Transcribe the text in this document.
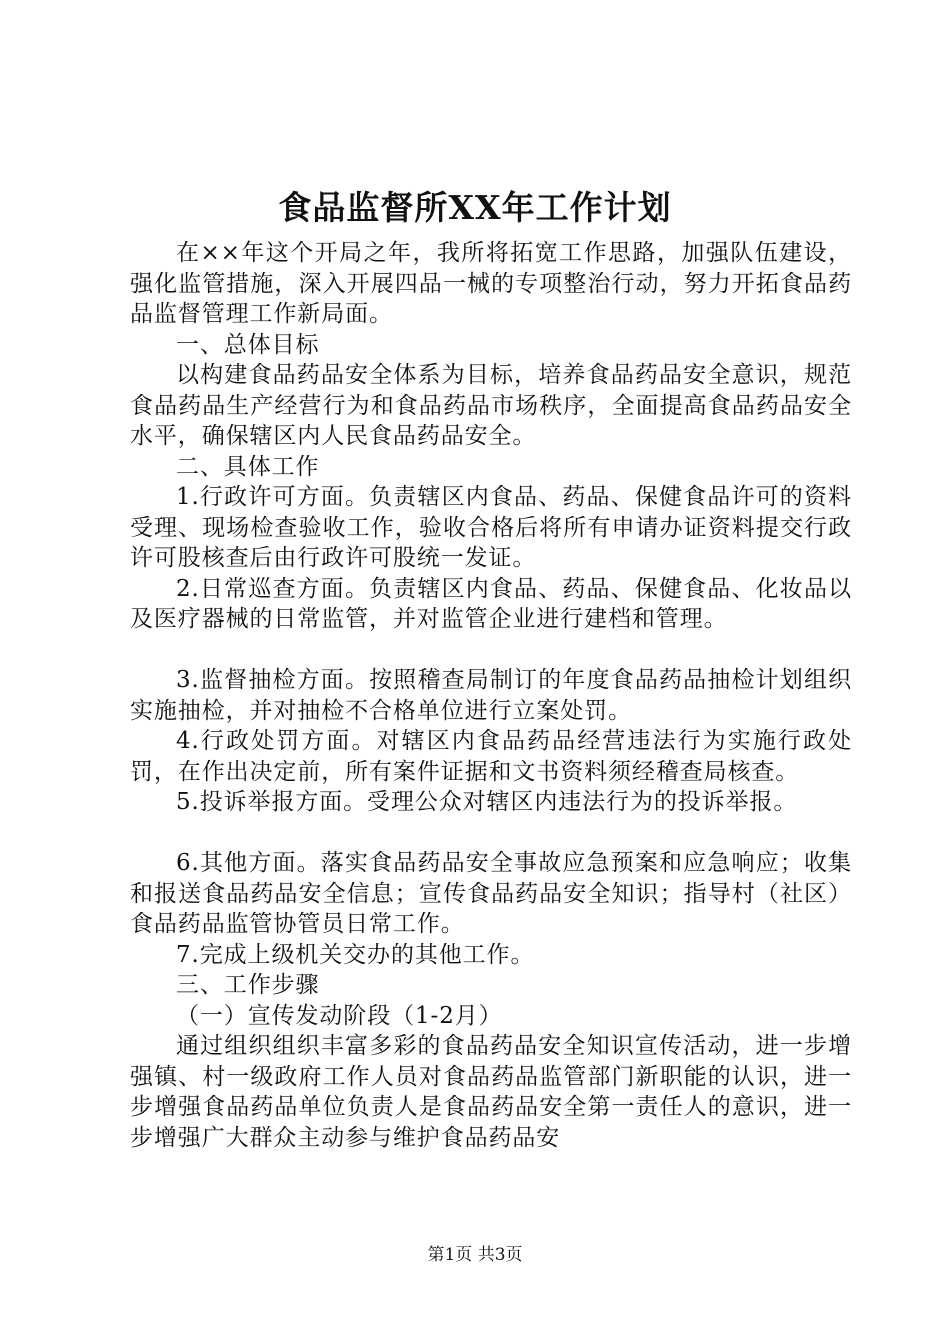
食品监督所XX年工作计划

在××年这个开局之年，我所将拓宽工作思路，加强队伍建设，强化监管措施，深入开展四品一械的专项整治行动，努力开拓食品药品监督管理工作新局面。

一、总体目标

以构建食品药品安全体系为目标，培养食品药品安全意识，规范食品药品生产经营行为和食品药品市场秩序，全面提高食品药品安全水平，确保辖区内人民食品药品安全。

二、具体工作

1.行政许可方面。负责辖区内食品、药品、保健食品许可的资料受理、现场检查验收工作，验收合格后将所有申请办证资料提交行政许可股核查后由行政许可股统一发证。

2.日常巡查方面。负责辖区内食品、药品、保健食品、化妆品以及医疗器械的日常监管，并对监管企业进行建档和管理。

3.监督抽检方面。按照稽查局制订的年度食品药品抽检计划组织实施抽检，并对抽检不合格单位进行立案处罚。

4.行政处罚方面。对辖区内食品药品经营违法行为实施行政处罚，在作出决定前，所有案件证据和文书资料须经稽查局核查。

5.投诉举报方面。受理公众对辖区内违法行为的投诉举报。

6.其他方面。落实食品药品安全事故应急预案和应急响应；收集和报送食品药品安全信息；宣传食品药品安全知识；指导村（社区）食品药品监管协管员日常工作。

7.完成上级机关交办的其他工作。

三、工作步骤

（一）宣传发动阶段（1-2月）

通过组织组织丰富多彩的食品药品安全知识宣传活动，进一步增强镇、村一级政府工作人员对食品药品监管部门新职能的认识，进一步增强食品药品单位负责人是食品药品安全第一责任人的意识，进一步增强广大群众主动参与维护食品药品安

第1页 共3页
